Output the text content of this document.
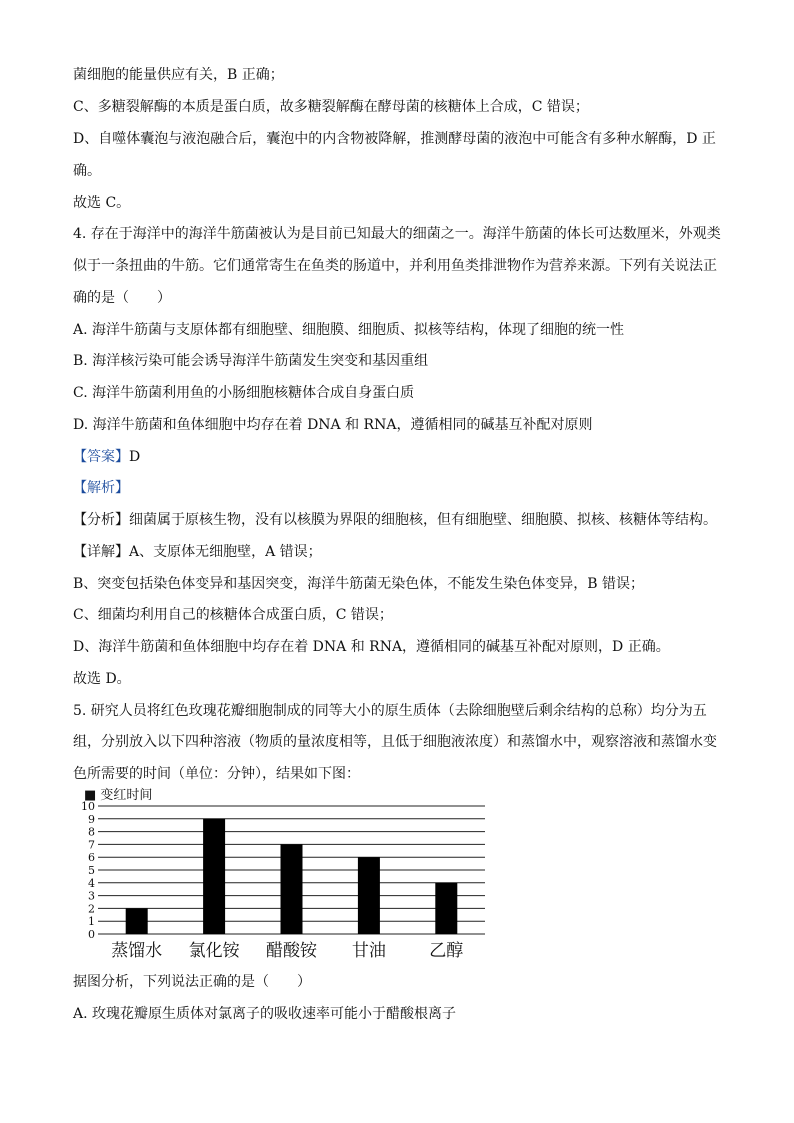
菌细胞的能量供应有关，B 正确；
C、多糖裂解酶的本质是蛋白质，故多糖裂解酶在酵母菌的核糖体上合成，C 错误；
D、自噬体囊泡与液泡融合后，囊泡中的内含物被降解，推测酵母菌的液泡中可能含有多种水解酶，D 正
确。
故选 C。
4. 存在于海洋中的海洋牛筋菌被认为是目前已知最大的细菌之一。海洋牛筋菌的体长可达数厘米，外观类
似于一条扭曲的牛筋。它们通常寄生在鱼类的肠道中，并利用鱼类排泄物作为营养来源。下列有关说法正
确的是（　　）
A. 海洋牛筋菌与支原体都有细胞壁、细胞膜、细胞质、拟核等结构，体现了细胞的统一性
B. 海洋核污染可能会诱导海洋牛筋菌发生突变和基因重组
C. 海洋牛筋菌利用鱼的小肠细胞核糖体合成自身蛋白质
D. 海洋牛筋菌和鱼体细胞中均存在着 DNA 和 RNA，遵循相同的碱基互补配对原则
【答案】D
【解析】
【分析】细菌属于原核生物，没有以核膜为界限的细胞核，但有细胞壁、细胞膜、拟核、核糖体等结构。
【详解】A、支原体无细胞壁，A 错误；
B、突变包括染色体变异和基因突变，海洋牛筋菌无染色体，不能发生染色体变异，B 错误；
C、细菌均利用自己的核糖体合成蛋白质，C 错误；
D、海洋牛筋菌和鱼体细胞中均存在着 DNA 和 RNA，遵循相同的碱基互补配对原则，D 正确。
故选 D。
5. 研究人员将红色玫瑰花瓣细胞制成的同等大小的原生质体（去除细胞壁后剩余结构的总称）均分为五
组，分别放入以下四种溶液（物质的量浓度相等，且低于细胞液浓度）和蒸馏水中，观察溶液和蒸馏水变
色所需要的时间（单位：分钟），结果如下图：
■ 变红时间
0
1
2
3
4
5
6
7
8
9
10
蒸馏水 氯化铵 醋酸铵 甘油	乙醇
据图分析，下列说法正确的是（　　）
A. 玫瑰花瓣原生质体对氯离子的吸收速率可能小于醋酸根离子
